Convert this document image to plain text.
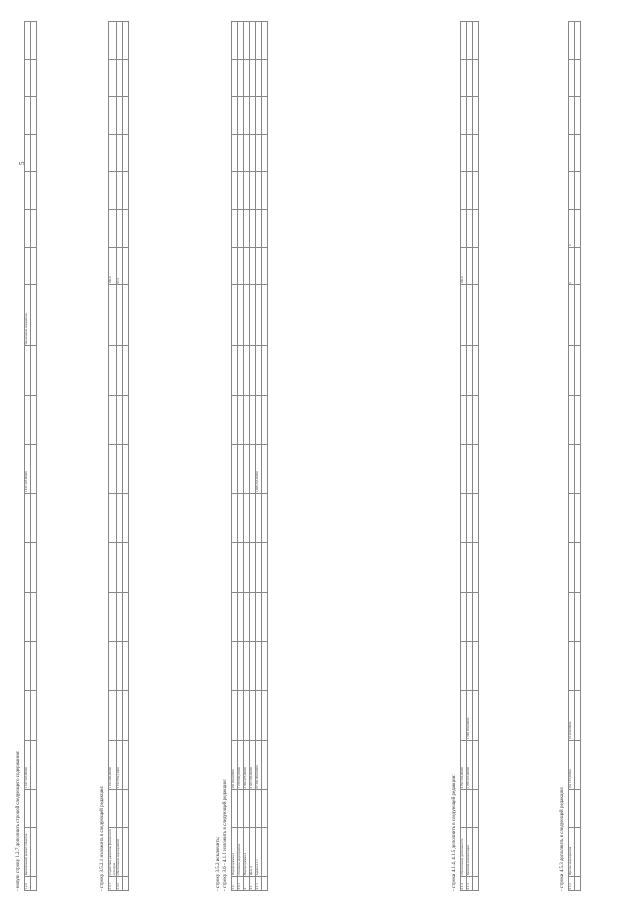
5
- новую строку 1.2.7 дополнить строкой следующего содержания: 1.2.8	Капитальный ремонт объектов		1 447 297,80000						1 447 297,80000			Увеличение показателя							

- строку 3.5.2.1 изложить в следующей редакции: 2.3.1	Содействие развитию физической культуры		1 252 400,00000										100,0						
2.3.2	Обеспечение мероприятий		1 167 862,11000										97,5						

- строку 3.5.2 исключить; - строку 3.6 - 4.1.1 изложить в следующей редакции: 3.6	Подпрограмма 3		205 960,00000																
3.6.1	Основное мероприятие		1 258 090,56000																
4.	Подпрограмма 4		2 390 475,00000																
4.1	Цель 4		3 025 500,00000																
4.1.1	Задача 4.1.1		67 396 900,00000						1 098 263,82000										

- строки 4.1.4, 4.1.5 дополнить в следующей редакции: 4.1.4	Обеспечение деятельности		4 792 563,80000										100,0						
4.1.5	Выплата компенсации		2 789 210,00000	1 599 500,00000															

- строки 4.5.3 дополнить в следующей редакции: 4.5.3	Прочие мероприятия		162 155,30000	16 920,00000									0	0					
